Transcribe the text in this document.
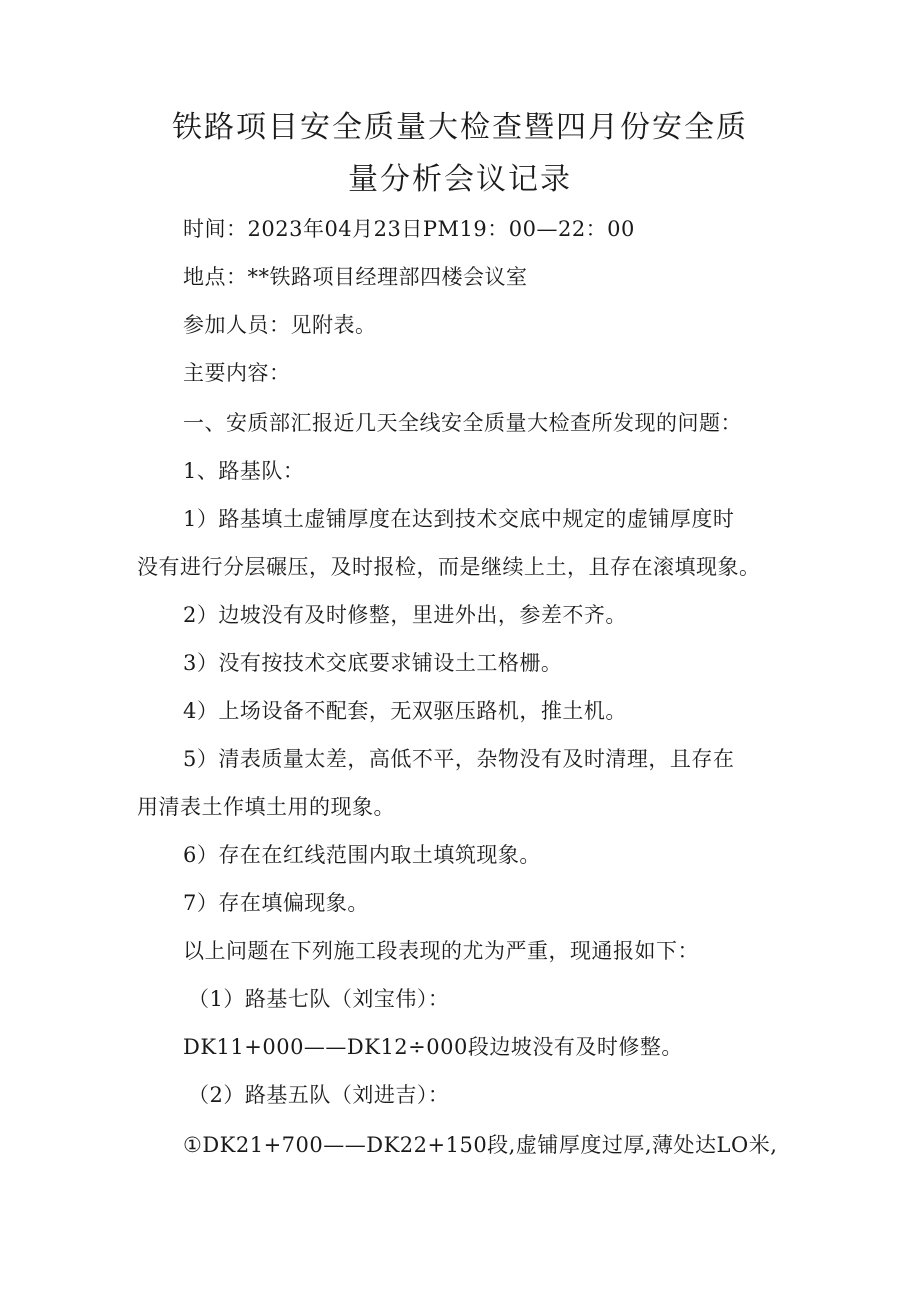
铁路项目安全质量大检查暨四月份安全质
量分析会议记录
时间：2023年04月23日PM19：00—22：00
地点：**铁路项目经理部四楼会议室
参加人员：见附表。
主要内容：
一、安质部汇报近几天全线安全质量大检查所发现的问题：
1、路基队：
1）路基填土虚铺厚度在达到技术交底中规定的虚铺厚度时
没有进行分层碾压，及时报检，而是继续上土，且存在滚填现象。
2）边坡没有及时修整，里进外出，参差不齐。
3）没有按技术交底要求铺设土工格栅。
4）上场设备不配套，无双驱压路机，推土机。
5）清表质量太差，高低不平，杂物没有及时清理，且存在
用清表土作填土用的现象。
6）存在在红线范围内取土填筑现象。
7）存在填偏现象。
以上问题在下列施工段表现的尤为严重，现通报如下：
（1）路基七队（刘宝伟）：
DK11+000——DK12÷000段边坡没有及时修整。
（2）路基五队（刘进吉）：
①DK21+700——DK22+150段,虚铺厚度过厚,薄处达LO米,
